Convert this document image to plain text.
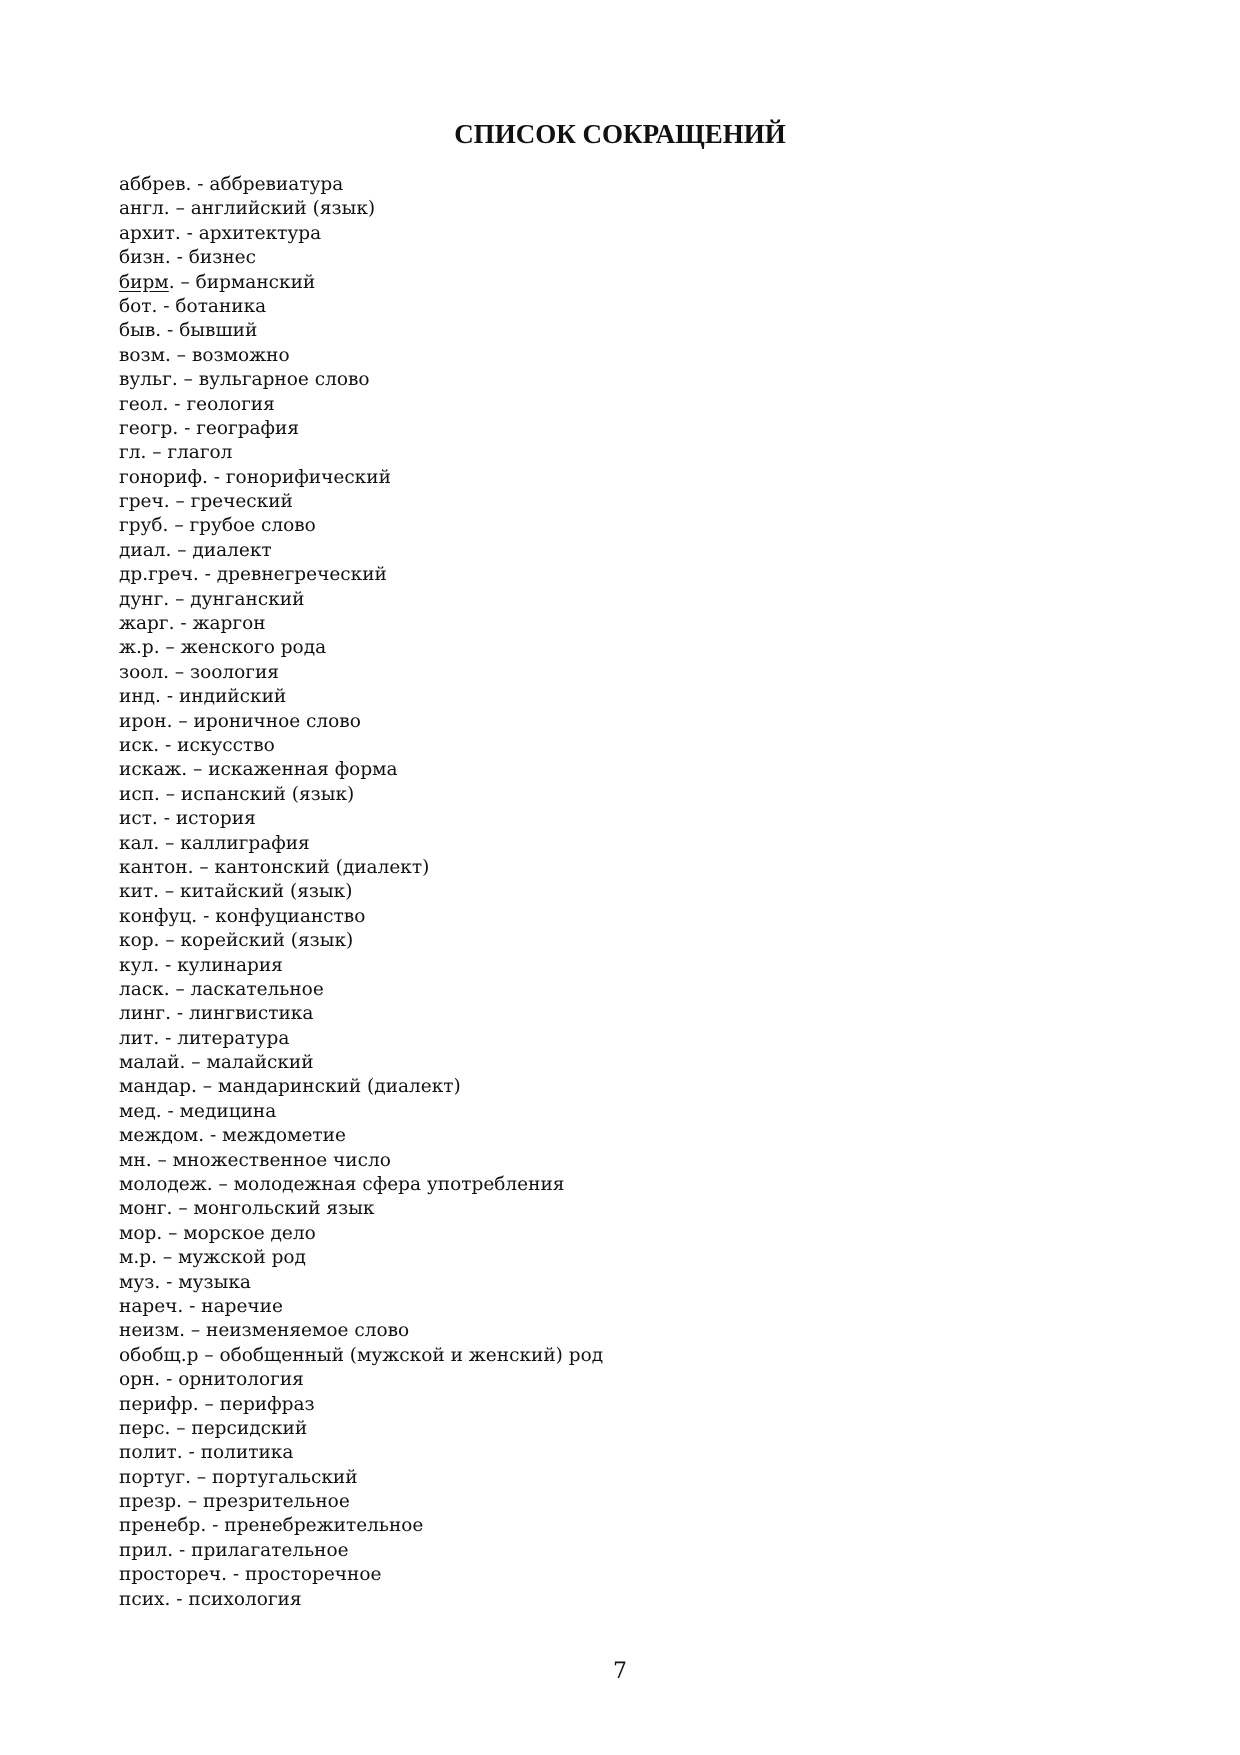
СПИСОК СОКРАЩЕНИЙ
аббрев. - аббревиатура
англ. – английский (язык)
архит. - архитектура
бизн. - бизнес
бирм. – бирманский
бот. - ботаника
быв. - бывший
возм. – возможно
вульг. – вульгарное слово
геол. - геология
геогр. - география
гл. – глагол
гонориф. - гонорифический
греч. – греческий
груб. – грубое слово
диал. – диалект
др.греч. - древнегреческий
дунг. – дунганский
жарг. - жаргон
ж.р. – женского рода
зоол. – зоология
инд. - индийский
ирон. – ироничное слово
иск. - искусство
искаж. – искаженная форма
исп. – испанский (язык)
ист. - история
кал. – каллиграфия
кантон. – кантонский (диалект)
кит. – китайский (язык)
конфуц. - конфуцианство
кор. – корейский (язык)
кул. - кулинария
ласк. – ласкательное
линг. - лингвистика
лит. - литература
малай. – малайский
мандар. – мандаринский (диалект)
мед. - медицина
междом. - междометие
мн. – множественное число
молодеж. – молодежная сфера употребления
монг. – монгольский язык
мор. – морское дело
м.р. – мужской род
муз. - музыка
нареч. - наречие
неизм. – неизменяемое слово
обобщ.р – обобщенный (мужской и женский) род
орн. - орнитология
перифр. – перифраз
перс. – персидский
полит. - политика
португ. – португальский
презр. – презрительное
пренебр. - пренебрежительное
прил. - прилагательное
простореч. - просторечное
псих. - психология
7
